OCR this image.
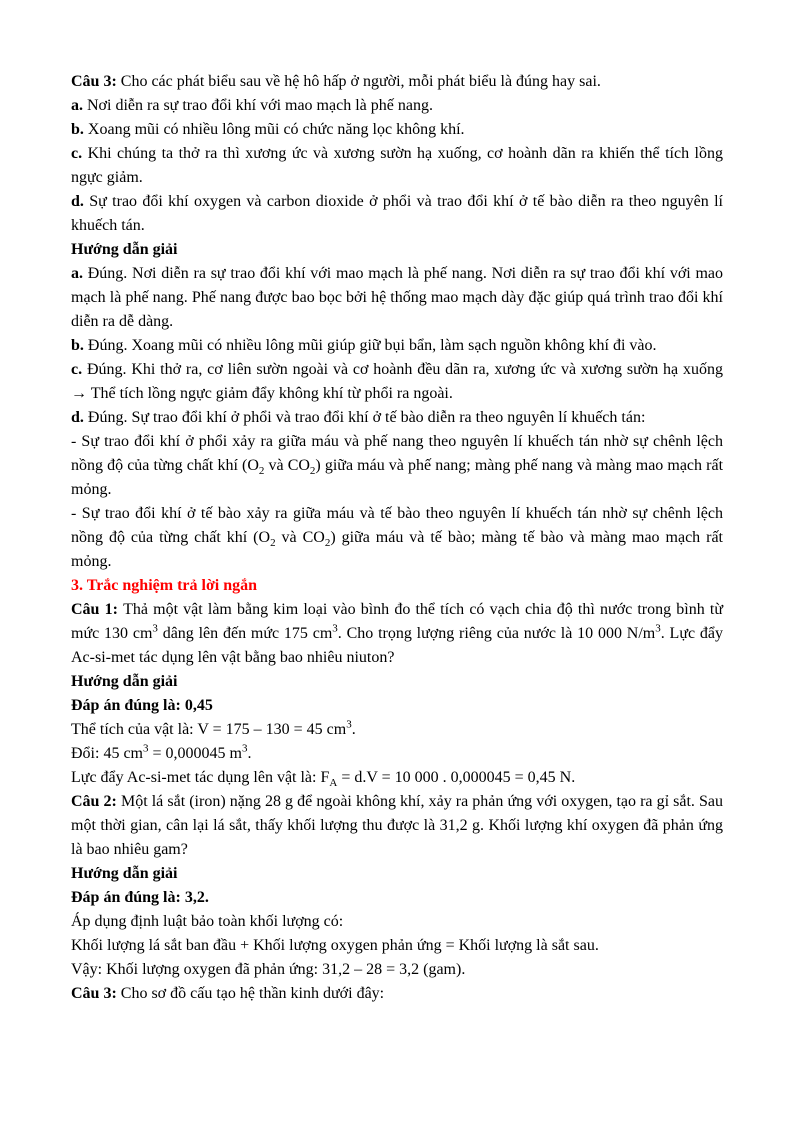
Câu 3: Cho các phát biểu sau về hệ hô hấp ở người, mỗi phát biểu là đúng hay sai.

a. Nơi diễn ra sự trao đổi khí với mao mạch là phế nang.

b. Xoang mũi có nhiều lông mũi có chức năng lọc không khí.

c. Khi chúng ta thở ra thì xương ức và xương sườn hạ xuống, cơ hoành dãn ra khiến thể tích lồng ngực giảm.

d. Sự trao đổi khí oxygen và carbon dioxide ở phổi và trao đổi khí ở tế bào diễn ra theo nguyên lí khuếch tán.

Hướng dẫn giải

a. Đúng. Nơi diễn ra sự trao đổi khí với mao mạch là phế nang. Nơi diễn ra sự trao đổi khí với mao mạch là phế nang. Phế nang được bao bọc bởi hệ thống mao mạch dày đặc giúp quá trình trao đổi khí diễn ra dễ dàng.

b. Đúng. Xoang mũi có nhiều lông mũi giúp giữ bụi bẩn, làm sạch nguồn không khí đi vào.

c. Đúng. Khi thở ra, cơ liên sườn ngoài và cơ hoành đều dãn ra, xương ức và xương sườn hạ xuống → Thể tích lồng ngực giảm đẩy không khí từ phổi ra ngoài.

d. Đúng. Sự trao đổi khí ở phổi và trao đổi khí ở tế bào diễn ra theo nguyên lí khuếch tán:

- Sự trao đổi khí ở phổi xảy ra giữa máu và phế nang theo nguyên lí khuếch tán nhờ sự chênh lệch nồng độ của từng chất khí ($O_2$ và $CO_2$) giữa máu và phế nang; màng phế nang và màng mao mạch rất mỏng.

- Sự trao đổi khí ở tế bào xảy ra giữa máu và tế bào theo nguyên lí khuếch tán nhờ sự chênh lệch nồng độ của từng chất khí ($O_2$ và $CO_2$) giữa máu và tế bào; màng tế bào và màng mao mạch rất mỏng.

3. Trắc nghiệm trả lời ngắn

Câu 1: Thả một vật làm bằng kim loại vào bình đo thể tích có vạch chia độ thì nước trong bình từ mức 130 $cm^3$ dâng lên đến mức 175 $cm^3$. Cho trọng lượng riêng của nước là 10 000 $N/m^3$. Lực đẩy Ac-si-met tác dụng lên vật bằng bao nhiêu niuton?

Hướng dẫn giải

Đáp án đúng là: 0,45

Thể tích của vật là: V = 175 – 130 = 45 $cm^3$.

Đổi: 45 $cm^3 = 0,000045$ $m^3$.

Lực đẩy Ac-si-met tác dụng lên vật là: $F_A = d.V = 10$ 000 . 0,000045 = 0,45 N.

Câu 2: Một lá sắt (iron) nặng 28 g để ngoài không khí, xảy ra phản ứng với oxygen, tạo ra gỉ sắt. Sau một thời gian, cân lại lá sắt, thấy khối lượng thu được là 31,2 g. Khối lượng khí oxygen đã phản ứng là bao nhiêu gam?

Hướng dẫn giải

Đáp án đúng là: 3,2.

Áp dụng định luật bảo toàn khối lượng có:

Khối lượng lá sắt ban đầu + Khối lượng oxygen phản ứng = Khối lượng là sắt sau.

Vậy: Khối lượng oxygen đã phản ứng: 31,2 – 28 = 3,2 (gam).

Câu 3: Cho sơ đồ cấu tạo hệ thần kinh dưới đây:
